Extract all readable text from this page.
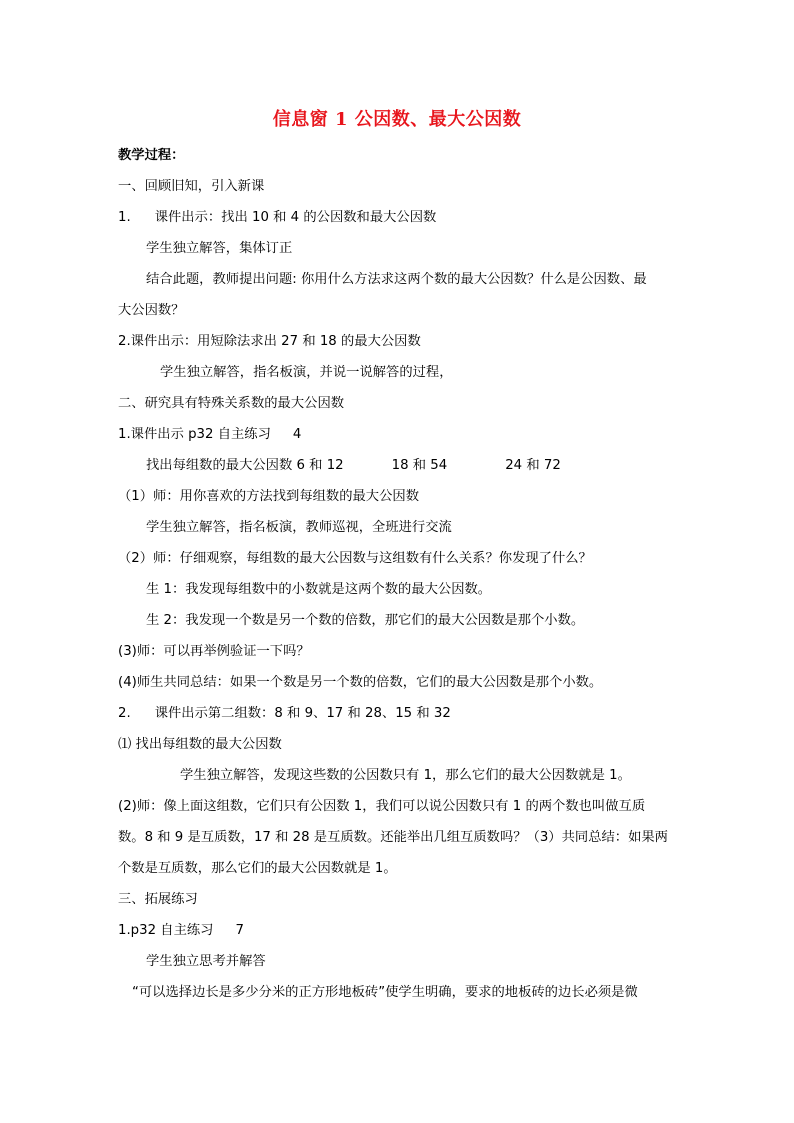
信息窗 1 公因数、最大公因数
教学过程：
一、回顾旧知，引入新课
1. 课件出示：找出 10 和 4 的公因数和最大公因数
学生独立解答，集体订正
结合此题，教师提出问题: 你用什么方法求这两个数的最大公因数？什么是公因数、最
大公因数？
2.课件出示：用短除法求出 27 和 18 的最大公因数
学生独立解答，指名板演，并说一说解答的过程，
二、研究具有特殊关系数的最大公因数
1.课件出示 p32 自主练习 4
找出每组数的最大公因数 6 和 12	18 和 54	24 和 72
（1）师：用你喜欢的方法找到每组数的最大公因数
学生独立解答，指名板演，教师巡视，全班进行交流
（2）师：仔细观察，每组数的最大公因数与这组数有什么关系？你发现了什么？
生 1：我发现每组数中的小数就是这两个数的最大公因数。
生 2：我发现一个数是另一个数的倍数，那它们的最大公因数是那个小数。
(3)师：可以再举例验证一下吗？
(4)师生共同总结：如果一个数是另一个数的倍数，它们的最大公因数是那个小数。
2. 课件出示第二组数：8 和 9、17 和 28、15 和 32
⑴ 找出每组数的最大公因数
学生独立解答，发现这些数的公因数只有 1，那么它们的最大公因数就是 1。
(2)师：像上面这组数，它们只有公因数 1，我们可以说公因数只有 1 的两个数也叫做互质
数。8 和 9 是互质数，17 和 28 是互质数。还能举出几组互质数吗？（3）共同总结：如果两
个数是互质数，那么它们的最大公因数就是 1。
三、拓展练习
1.p32 自主练习 7
学生独立思考并解答
“可以选择边长是多少分米的正方形地板砖”使学生明确，要求的地板砖的边长必须是微
